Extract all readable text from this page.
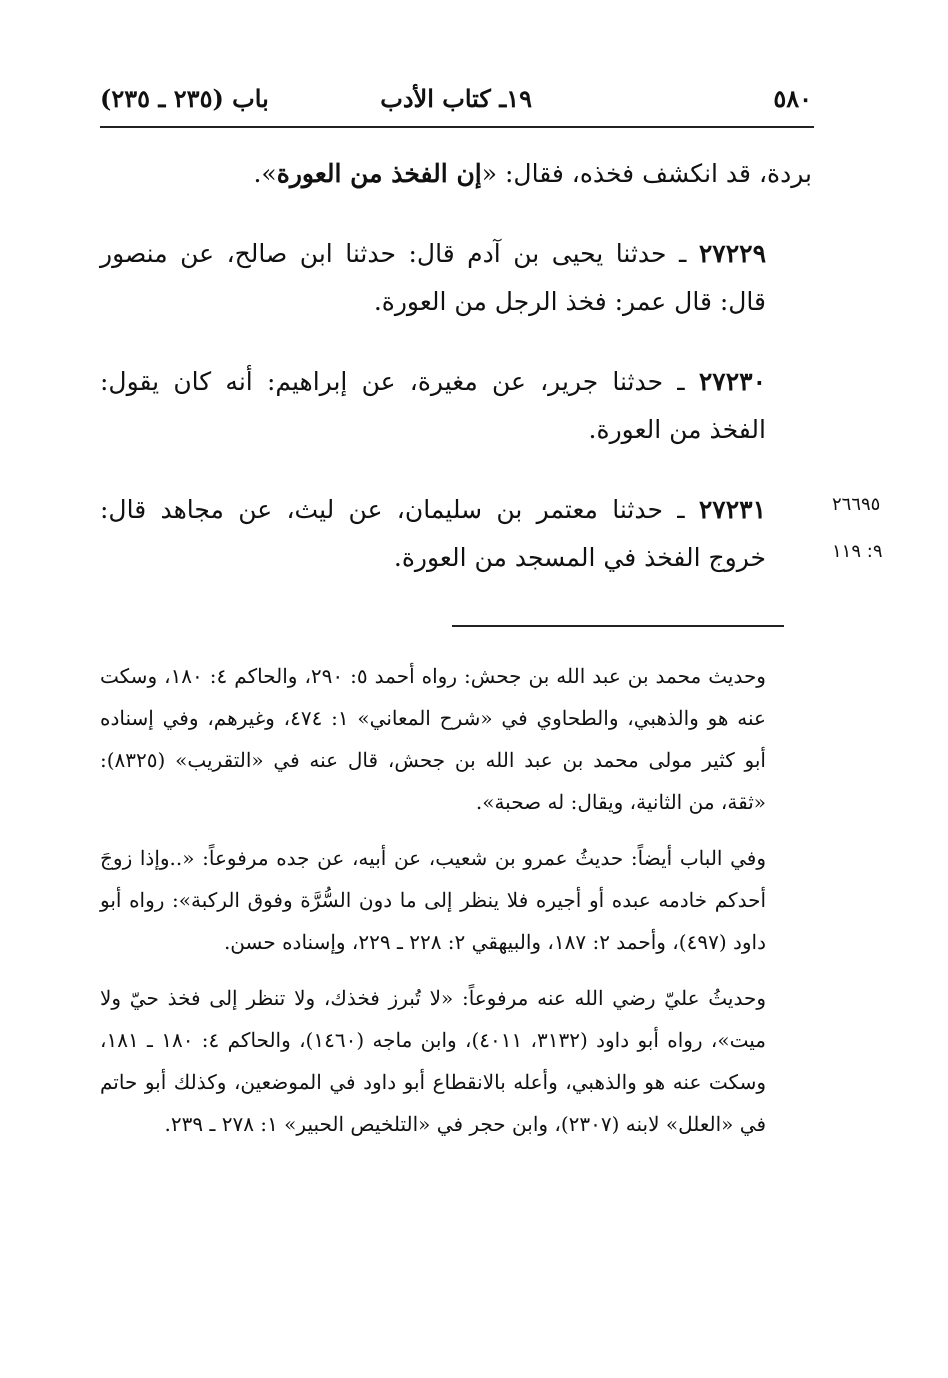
٥٨٠
١٩ـ كتاب الأدب
باب (٢٣٥ ـ ٢٣٥)

بردة، قد انكشف فخذه، فقال: «إن الفخذ من العورة».

٢٧٢٢٩ ـ حدثنا يحيى بن آدم قال: حدثنا ابن صالح، عن منصور قال: قال عمر: فخذ الرجل من العورة.

٢٧٢٣٠ ـ حدثنا جرير، عن مغيرة، عن إبراهيم: أنه كان يقول: الفخذ من العورة.

٢٧٢٣١ ـ حدثنا معتمر بن سليمان، عن ليث، عن مجاهد قال: خروج الفخذ في المسجد من العورة.

٢٦٦٩٥
٩: ١١٩

وحديث محمد بن عبد الله بن جحش: رواه أحمد ٥: ٢٩٠، والحاكم ٤: ١٨٠، وسكت عنه هو والذهبي، والطحاوي في «شرح المعاني» ١: ٤٧٤، وغيرهم، وفي إسناده أبو كثير مولى محمد بن عبد الله بن جحش، قال عنه في «التقريب» (٨٣٢٥): «ثقة، من الثانية، ويقال: له صحبة».

وفي الباب أيضاً: حديثُ عمرو بن شعيب، عن أبيه، عن جده مرفوعاً: «..وإذا زوجَ أحدكم خادمه عبده أو أجيره فلا ينظر إلى ما دون السُّرَّة وفوق الركبة»: رواه أبو داود (٤٩٧)، وأحمد ٢: ١٨٧، والبيهقي ٢: ٢٢٨ ـ ٢٢٩، وإسناده حسن.

وحديثُ عليّ رضي الله عنه مرفوعاً: «لا تُبرز فخذك، ولا تنظر إلى فخذ حيّ ولا ميت»، رواه أبو داود (٣١٣٢، ٤٠١١)، وابن ماجه (١٤٦٠)، والحاكم ٤: ١٨٠ ـ ١٨١، وسكت عنه هو والذهبي، وأعله بالانقطاع أبو داود في الموضعين، وكذلك أبو حاتم في «العلل» لابنه (٢٣٠٧)، وابن حجر في «التلخيص الحبير» ١: ٢٧٨ ـ ٢٣٩.
